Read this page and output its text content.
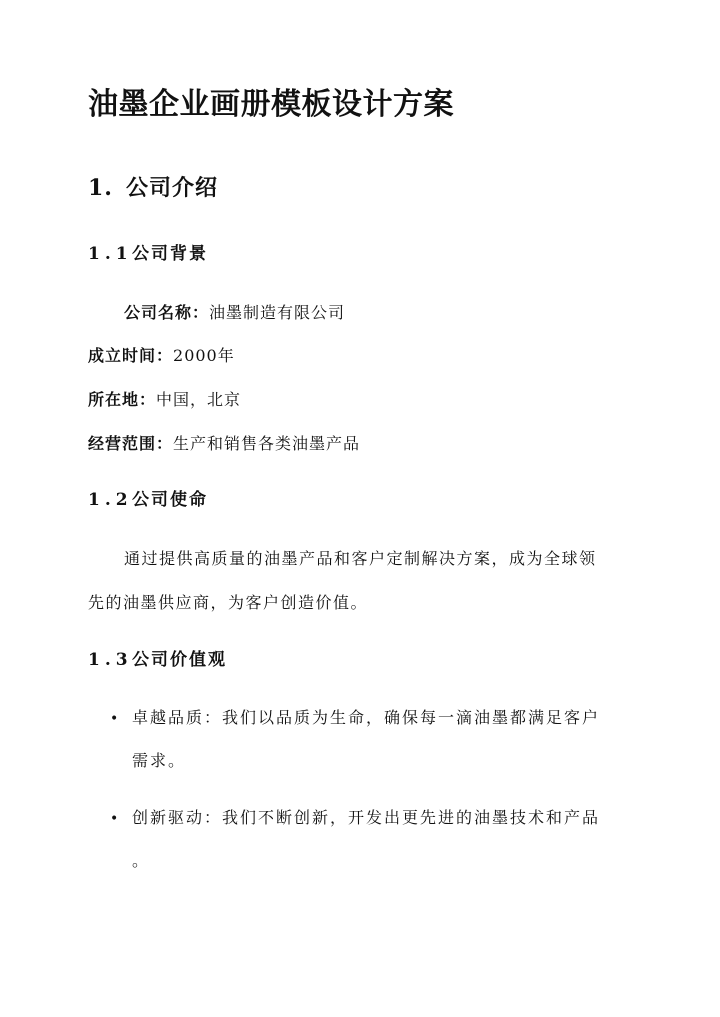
油墨企业画册模板设计方案
1. 公司介绍
1.1公司背景
公司名称：油墨制造有限公司
成立时间：2000年
所在地：中国，北京
经营范围：生产和销售各类油墨产品
1.2公司使命
通过提供高质量的油墨产品和客户定制解决方案，成为全球领
先的油墨供应商，为客户创造价值。
1.3公司价值观
• 卓越品质：我们以品质为生命，确保每一滴油墨都满足客户
需求。
• 创新驱动：我们不断创新，开发出更先进的油墨技术和产品
。
